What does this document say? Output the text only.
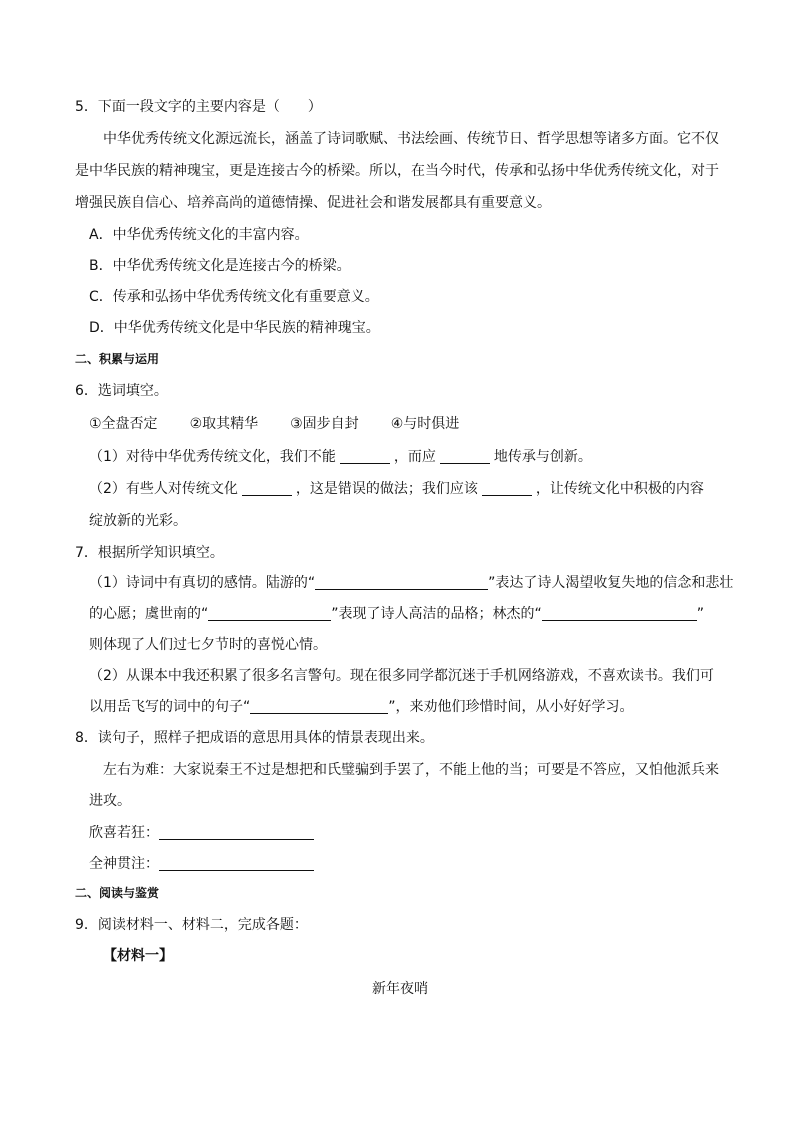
5．下面一段文字的主要内容是（　　）
中华优秀传统文化源远流长，涵盖了诗词歌赋、书法绘画、传统节日、哲学思想等诸多方面。它不仅
是中华民族的精神瑰宝，更是连接古今的桥梁。所以，在当今时代，传承和弘扬中华优秀传统文化，对于
增强民族自信心、培养高尚的道德情操、促进社会和谐发展都具有重要意义。
A．中华优秀传统文化的丰富内容。
B．中华优秀传统文化是连接古今的桥梁。
C．传承和弘扬中华优秀传统文化有重要意义。
D．中华优秀传统文化是中华民族的精神瑰宝。
二、积累与运用
6．选词填空。
①全盘否定 ②取其精华 ③固步自封 ④与时俱进
（1）对待中华优秀传统文化，我们不能	，而应	地传承与创新。
（2）有些人对传统文化	，这是错误的做法；我们应该	，让传统文化中积极的内容
绽放新的光彩。
7．根据所学知识填空。
（1）诗词中有真切的感情。陆游的“	”表达了诗人渴望收复失地的信念和悲壮
的心愿；虞世南的“	”表现了诗人高洁的品格；林杰的“	”
则体现了人们过七夕节时的喜悦心情。
（2）从课本中我还积累了很多名言警句。现在很多同学都沉迷于手机网络游戏，不喜欢读书。我们可
以用岳飞写的词中的句子“	”，来劝他们珍惜时间，从小好好学习。
8．读句子，照样子把成语的意思用具体的情景表现出来。
左右为难：大家说秦王不过是想把和氏璧骗到手罢了，不能上他的当；可要是不答应，又怕他派兵来
进攻。
欣喜若狂：
全神贯注：
二、阅读与鉴赏
9．阅读材料一、材料二，完成各题：
【材料一】
新年夜哨
